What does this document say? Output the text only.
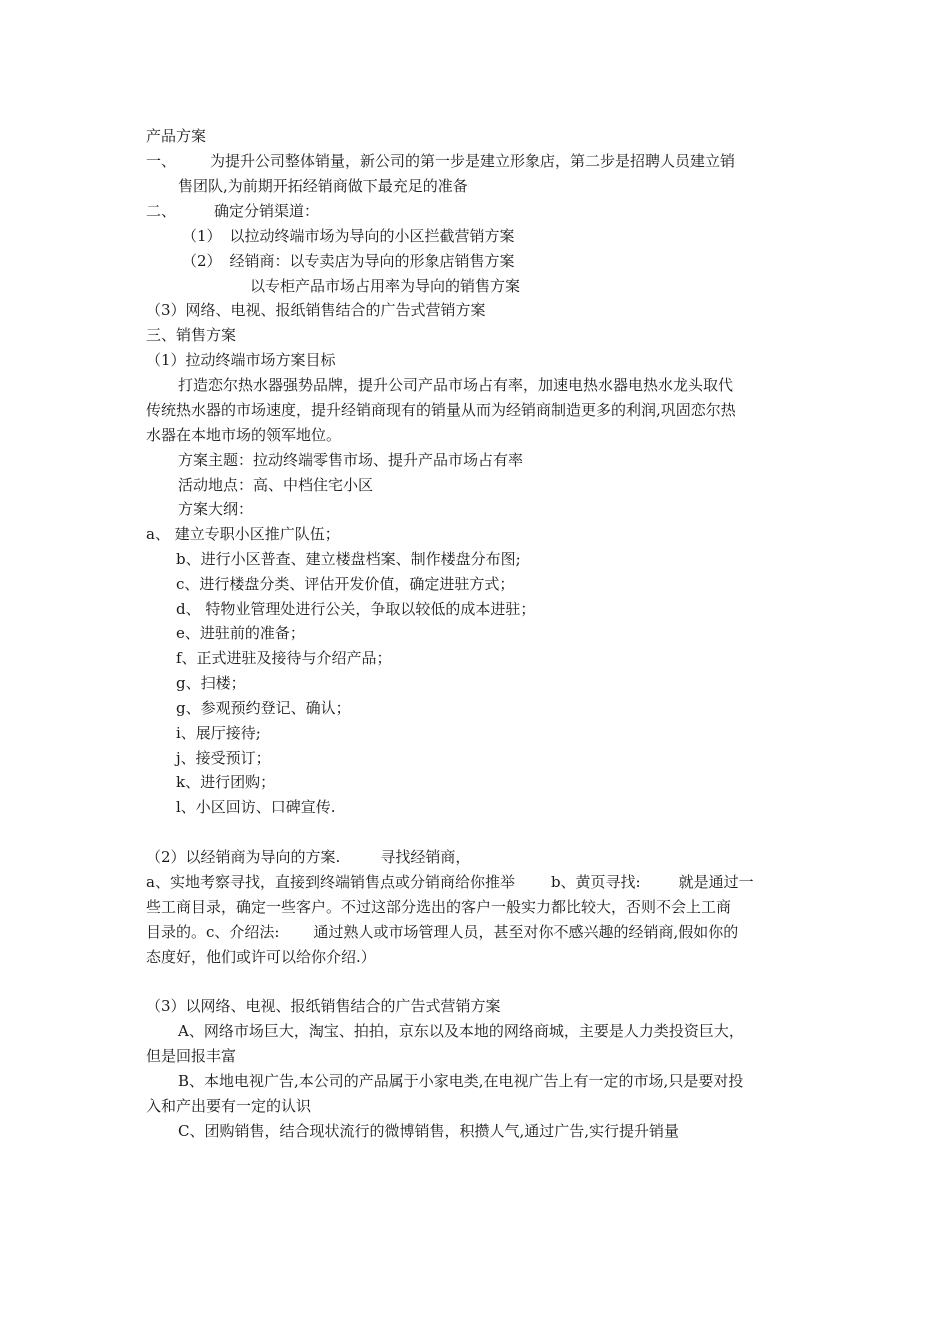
产品方案
一、 为提升公司整体销量，新公司的第一步是建立形象店，第二步是招聘人员建立销
售团队,为前期开拓经销商做下最充足的准备
二、	确定分销渠道：
（1） 以拉动终端市场为导向的小区拦截营销方案
（2） 经销商：以专卖店为导向的形象店销售方案
以专柜产品市场占用率为导向的销售方案
（3）网络、电视、报纸销售结合的广告式营销方案
三、销售方案
（1）拉动终端市场方案目标
打造恋尔热水器强势品牌，提升公司产品市场占有率，加速电热水器电热水龙头取代
传统热水器的市场速度，提升经销商现有的销量从而为经销商制造更多的利润,巩固恋尔热
水器在本地市场的领军地位。
方案主题：拉动终端零售市场、提升产品市场占有率
活动地点：高、中档住宅小区
方案大纲：
a、 建立专职小区推广队伍；
b、进行小区普查、建立楼盘档案、制作楼盘分布图;
c、进行楼盘分类、评估开发价值，确定进驻方式；
d、 特物业管理处进行公关，争取以较低的成本进驻；
e、进驻前的准备；
f、正式进驻及接待与介绍产品；
g、扫楼；
g、参观预约登记、确认；
i、展厅接待;
j、接受预订；
k、进行团购；
l、小区回访、口碑宣传.
（2）以经销商为导向的方案.	寻找经销商，
a、实地考察寻找，直接到终端销售点或分销商给你推举 b、黄页寻找:	就是通过一
些工商目录，确定一些客户。不过这部分选出的客户一般实力都比较大，否则不会上工商
目录的。c、介绍法: 通过熟人或市场管理人员，甚至对你不感兴趣的经销商,假如你的
态度好，他们或许可以给你介绍.）
（3）以网络、电视、报纸销售结合的广告式营销方案
A、网络市场巨大，淘宝、拍拍，京东以及本地的网络商城，主要是人力类投资巨大，
但是回报丰富
B、本地电视广告,本公司的产品属于小家电类,在电视广告上有一定的市场,只是要对投
入和产出要有一定的认识
C、团购销售，结合现状流行的微博销售，积攒人气,通过广告,实行提升销量
